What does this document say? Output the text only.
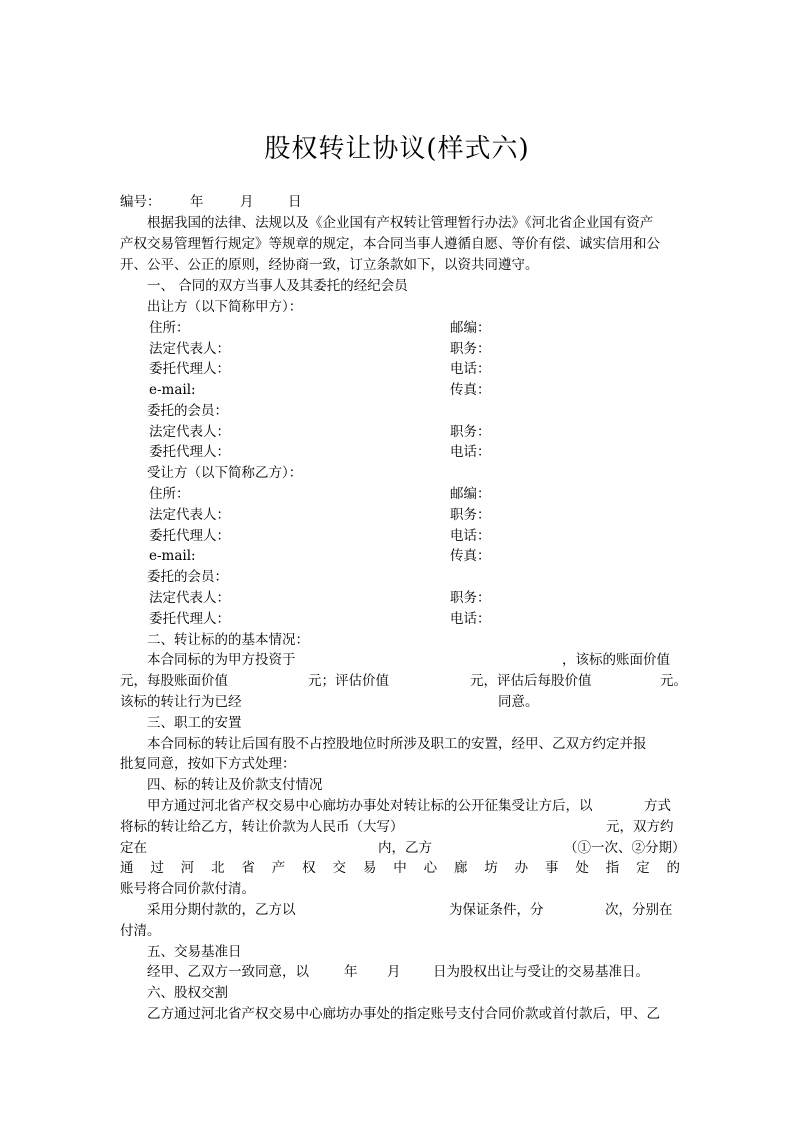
股权转让协议(样式六)
编号： 年	月	日
根据我国的法律、法规以及《企业国有产权转让管理暂行办法》《河北省企业国有资产
产权交易管理暂行规定》等规章的规定，本合同当事人遵循自愿、等价有偿、诚实信用和公
开、公平、公正的原则，经协商一致，订立条款如下，以资共同遵守。
一、 合同的双方当事人及其委托的经纪会员
出让方（以下简称甲方）：
住所：	邮编：
法定代表人：	职务：
委托代理人：	电话：
e-mail:	传真：
委托的会员：
法定代表人：	职务：
委托代理人：	电话：
受让方（以下简称乙方）：
住所：	邮编：
法定代表人：	职务：
委托代理人：	电话：
e-mail:	传真：
委托的会员：
法定代表人：	职务：
委托代理人：	电话：
二、转让标的的基本情况：
本合同标的为甲方投资于	，该标的账面价值
元，每股账面价值	元；评估价值	元，评估后每股价值	元。
该标的转让行为已经	同意。
三、职工的安置
本合同标的转让后国有股不占控股地位时所涉及职工的安置，经甲、乙双方约定并报
批复同意，按如下方式处理：
四、标的转让及价款支付情况
甲方通过河北省产权交易中心廊坊办事处对转让标的公开征集受让方后，以	方式
将标的转让给乙方，转让价款为人民币（大写）	元，双方约
定在	内，乙方	（①一次、②分期）
通 过 河 北 省 产 权 交 易 中 心 廊 坊 办 事 处 指 定 的
账号将合同价款付清。
采用分期付款的，乙方以	为保证条件，分	次，分别在
付清。
五、交易基准日
经甲、乙双方一致同意，以	年 月 日为股权出让与受让的交易基准日。
六、股权交割
乙方通过河北省产权交易中心廊坊办事处的指定账号支付合同价款或首付款后，甲、乙
